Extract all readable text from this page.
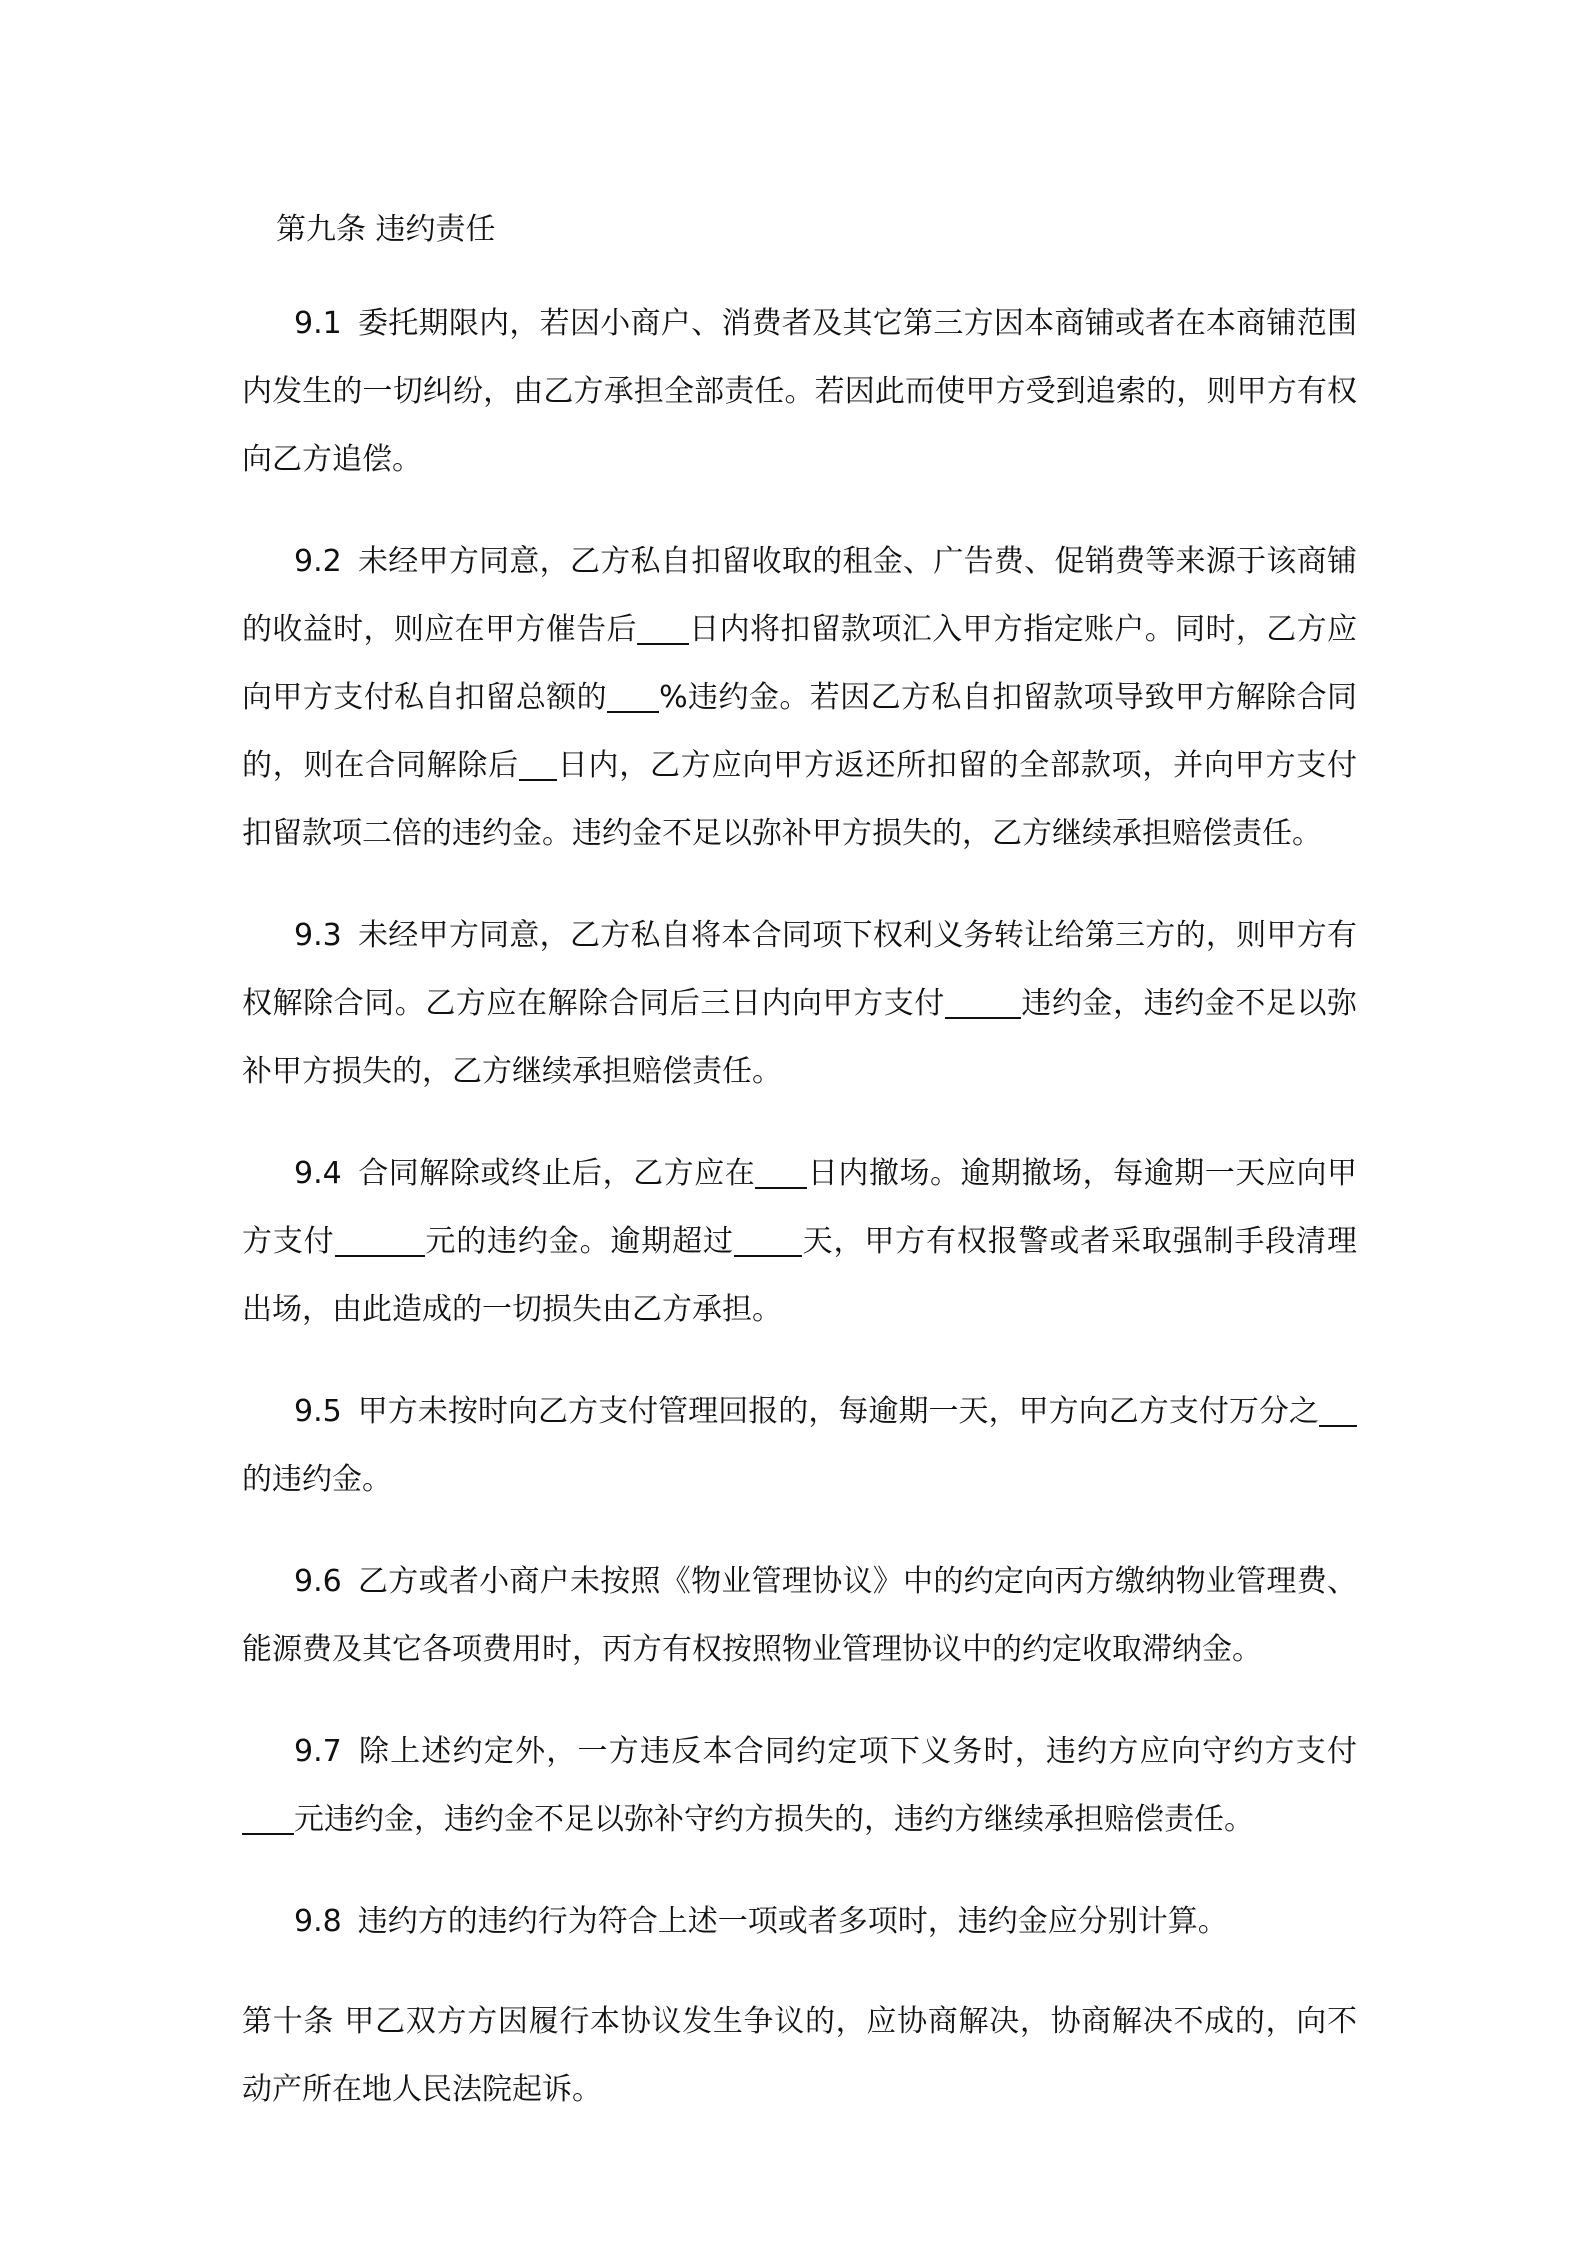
第九条 违约责任

9.1 委托期限内，若因小商户、消费者及其它第三方因本商铺或者在本商铺范围内发生的一切纠纷，由乙方承担全部责任。若因此而使甲方受到追索的，则甲方有权向乙方追偿。

9.2 未经甲方同意，乙方私自扣留收取的租金、广告费、促销费等来源于该商铺的收益时，则应在甲方催告后 日内将扣留款项汇入甲方指定账户。同时，乙方应向甲方支付私自扣留总额的 %违约金。若因乙方私自扣留款项导致甲方解除合同的，则在合同解除后 日内，乙方应向甲方返还所扣留的全部款项，并向甲方支付扣留款项二倍的违约金。违约金不足以弥补甲方损失的，乙方继续承担赔偿责任。

9.3 未经甲方同意，乙方私自将本合同项下权利义务转让给第三方的，则甲方有权解除合同。乙方应在解除合同后三日内向甲方支付	违约金，违约金不足以弥补甲方损失的，乙方继续承担赔偿责任。

9.4 合同解除或终止后，乙方应在 日内撤场。逾期撤场，每逾期一天应向甲方支付	元的违约金。逾期超过 天，甲方有权报警或者采取强制手段清理出场，由此造成的一切损失由乙方承担。

9.5 甲方未按时向乙方支付管理回报的，每逾期一天，甲方向乙方支付万分之的违约金。

9.6 乙方或者小商户未按照《物业管理协议》中的约定向丙方缴纳物业管理费、能源费及其它各项费用时，丙方有权按照物业管理协议中的约定收取滞纳金。

9.7 除上述约定外，一方违反本合同约定项下义务时，违约方应向守约方支付元违约金，违约金不足以弥补守约方损失的，违约方继续承担赔偿责任。

9.8 违约方的违约行为符合上述一项或者多项时，违约金应分别计算。

第十条 甲乙双方方因履行本协议发生争议的，应协商解决，协商解决不成的，向不动产所在地人民法院起诉。
